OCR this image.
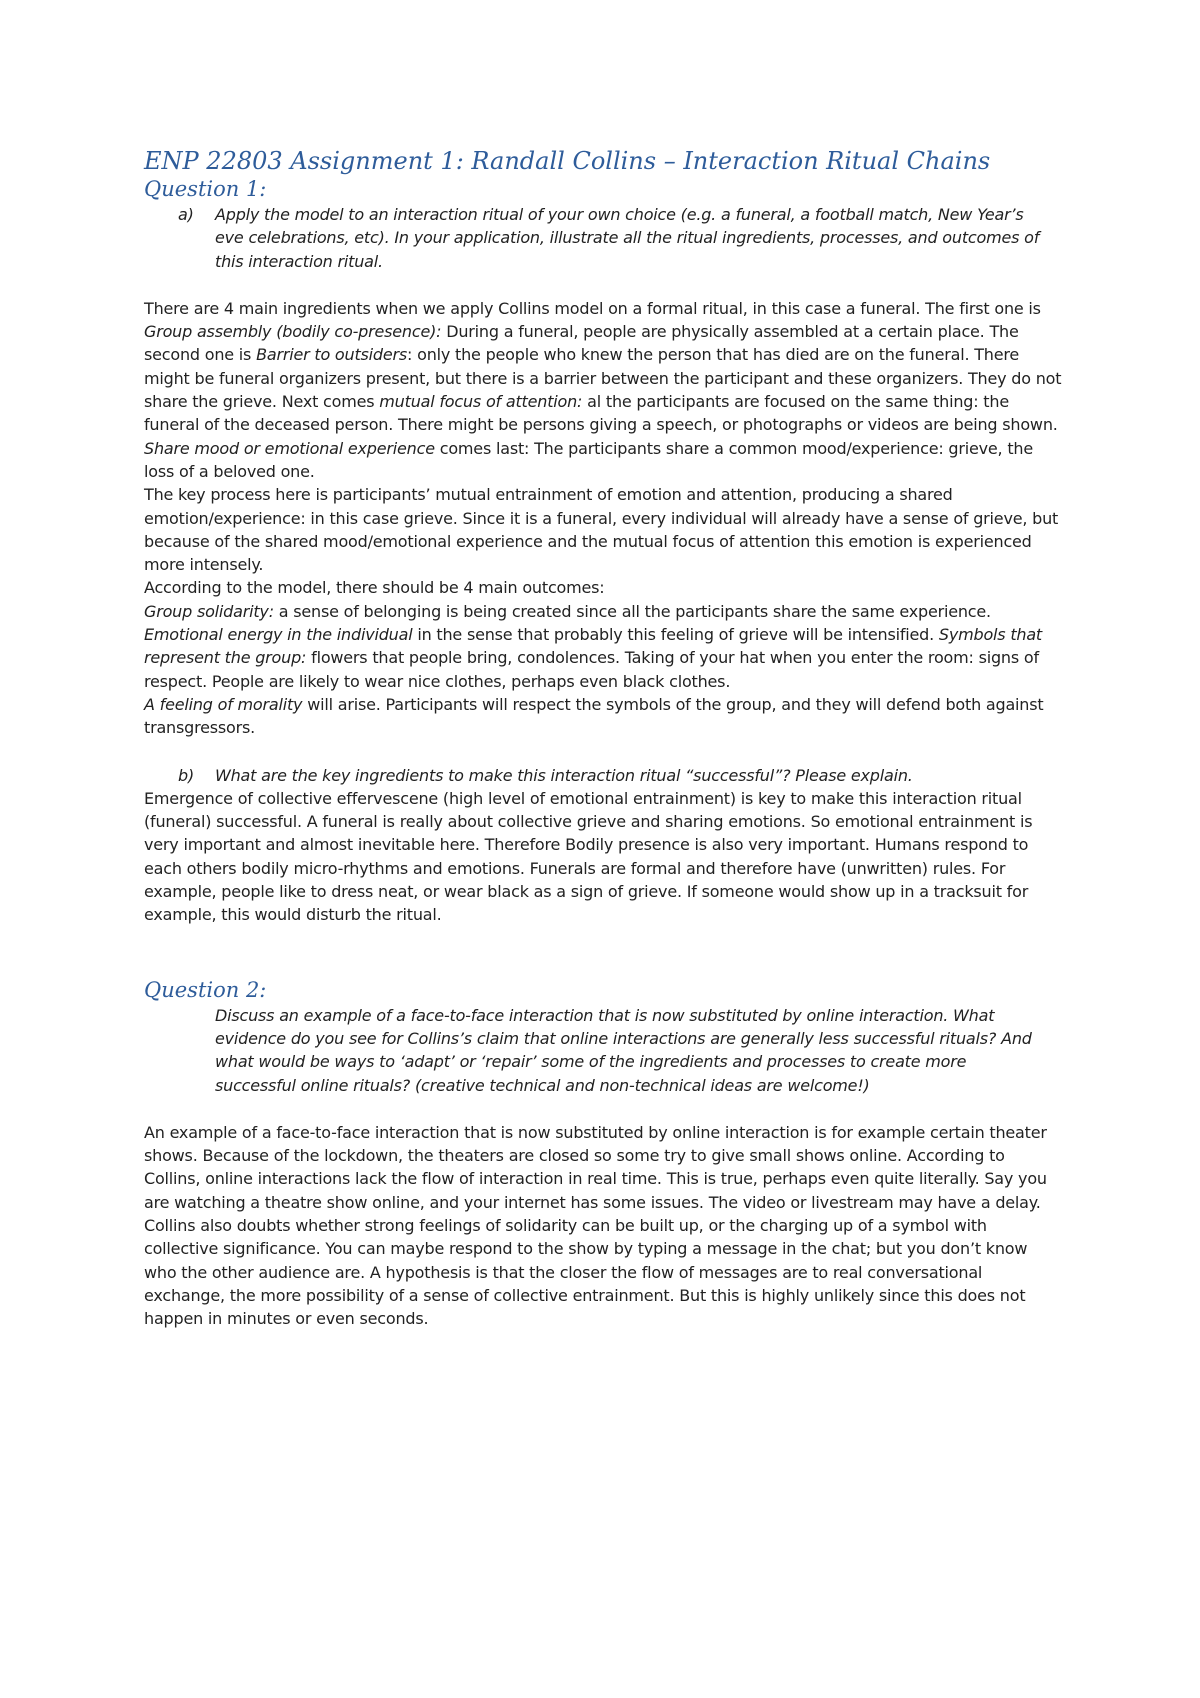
ENP 22803 Assignment 1: Randall Collins – Interaction Ritual Chains
Question 1:
a)	Apply the model to an interaction ritual of your own choice (e.g. a funeral, a football match, New Year’s eve celebrations, etc). In your application, illustrate all the ritual ingredients, processes, and outcomes of this interaction ritual.

There are 4 main ingredients when we apply Collins model on a formal ritual, in this case a funeral. The first one is Group assembly (bodily co-presence): During a funeral, people are physically assembled at a certain place. The second one is Barrier to outsiders: only the people who knew the person that has died are on the funeral. There might be funeral organizers present, but there is a barrier between the participant and these organizers. They do not share the grieve. Next comes mutual focus of attention: al the participants are focused on the same thing: the funeral of the deceased person. There might be persons giving a speech, or photographs or videos are being shown. Share mood or emotional experience comes last: The participants share a common mood/experience: grieve, the loss of a beloved one.

The key process here is participants’ mutual entrainment of emotion and attention, producing a shared emotion/experience: in this case grieve. Since it is a funeral, every individual will already have a sense of grieve, but because of the shared mood/emotional experience and the mutual focus of attention this emotion is experienced more intensely.

According to the model, there should be 4 main outcomes:

Group solidarity: a sense of belonging is being created since all the participants share the same experience. Emotional energy in the individual in the sense that probably this feeling of grieve will be intensified. Symbols that represent the group: flowers that people bring, condolences. Taking of your hat when you enter the room: signs of respect. People are likely to wear nice clothes, perhaps even black clothes.

A feeling of morality will arise. Participants will respect the symbols of the group, and they will defend both against transgressors.

b)	What are the key ingredients to make this interaction ritual “successful”? Please explain.

Emergence of collective effervescene (high level of emotional entrainment) is key to make this interaction ritual (funeral) successful. A funeral is really about collective grieve and sharing emotions. So emotional entrainment is very important and almost inevitable here. Therefore Bodily presence is also very important. Humans respond to each others bodily micro-rhythms and emotions. Funerals are formal and therefore have (unwritten) rules. For example, people like to dress neat, or wear black as a sign of grieve. If someone would show up in a tracksuit for example, this would disturb the ritual.

Question 2:

Discuss an example of a face-to-face interaction that is now substituted by online interaction. What evidence do you see for Collins’s claim that online interactions are generally less successful rituals? And what would be ways to ‘adapt’ or ‘repair’ some of the ingredients and processes to create more successful online rituals? (creative technical and non-technical ideas are welcome!)

An example of a face-to-face interaction that is now substituted by online interaction is for example certain theater shows. Because of the lockdown, the theaters are closed so some try to give small shows online. According to Collins, online interactions lack the flow of interaction in real time. This is true, perhaps even quite literally. Say you are watching a theatre show online, and your internet has some issues. The video or livestream may have a delay. Collins also doubts whether strong feelings of solidarity can be built up, or the charging up of a symbol with collective significance. You can maybe respond to the show by typing a message in the chat; but you don’t know who the other audience are. A hypothesis is that the closer the flow of messages are to real conversational exchange, the more possibility of a sense of collective entrainment. But this is highly unlikely since this does not happen in minutes or even seconds.
